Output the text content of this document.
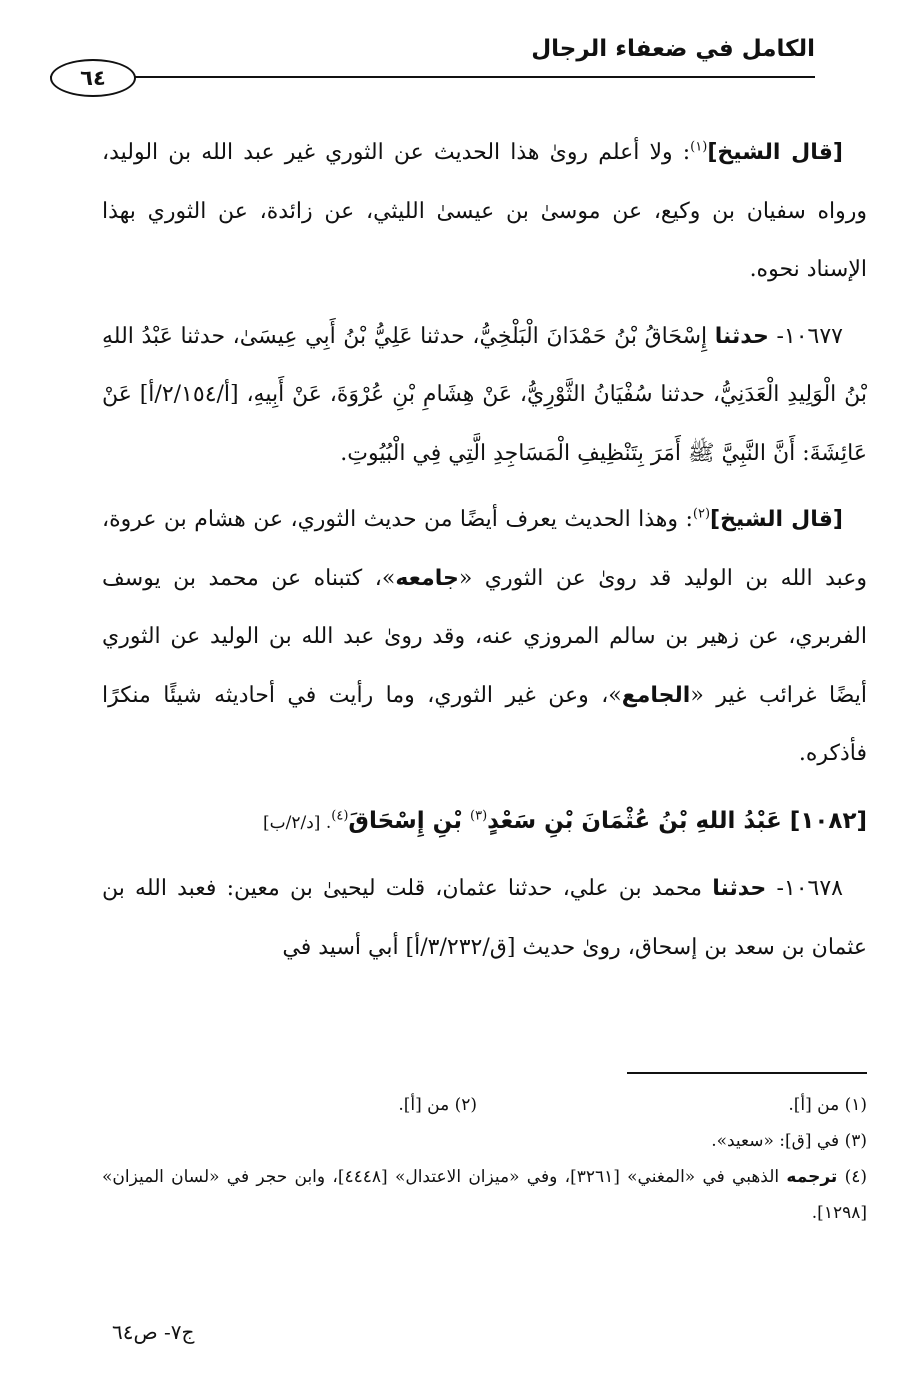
الكامل في ضعفاء الرجال
٦٤

[قال الشيخ]$^{(١)}$: ولا أعلم روىٰ هذا الحديث عن الثوري غير عبد الله بن الوليد، ورواه سفيان بن وكيع، عن موسىٰ بن عيسىٰ الليثي، عن زائدة، عن الثوري بهذا الإسناد نحوه.

١٠٦٧٧- حدثنا إِسْحَاقُ بْنُ حَمْدَانَ الْبَلْخِيُّ، حدثنا عَلِيُّ بْنُ أَبِي عِيسَىٰ، حدثنا عَبْدُ اللهِ بْنُ الْوَلِيدِ الْعَدَنِيُّ، حدثنا سُفْيَانُ الثَّوْرِيُّ، عَنْ هِشَامِ بْنِ عُرْوَةَ، عَنْ أَبِيهِ، [أ/٢/١٥٤/أ] عَنْ عَائِشَةَ: أَنَّ النَّبِيَّ ﷺ أَمَرَ بِتَنْظِيفِ الْمَسَاجِدِ الَّتِي فِي الْبُيُوتِ.

[قال الشيخ]$^{(٢)}$: وهذا الحديث يعرف أيضًا من حديث الثوري، عن هشام بن عروة، وعبد الله بن الوليد قد روىٰ عن الثوري «جامعه»، كتبناه عن محمد بن يوسف الفربري، عن زهير بن سالم المروزي عنه، وقد روىٰ عبد الله بن الوليد عن الثوري أيضًا غرائب غير «الجامع»، وعن غير الثوري، وما رأيت في أحاديثه شيئًا منكرًا فأذكره.

[١٠٨٢] عَبْدُ اللهِ بْنُ عُثْمَانَ بْنِ سَعْدٍ$^{(٣)}$ بْنِ إِسْحَاقَ$^{(٤)}$. [د/٢/ب]

١٠٦٧٨- حدثنا محمد بن علي، حدثنا عثمان، قلت ليحيىٰ بن معين: فعبد الله بن عثمان بن سعد بن إسحاق، روىٰ حديث [ق/٣/٢٣٢/أ] أبي أسيد في

(١) من [أ].
(٢) من [أ].
(٣) في [ق]: «سعيد».
(٤) ترجمه الذهبي في «المغني» [٣٢٦١]، وفي «ميزان الاعتدال» [٤٤٤٨]، وابن حجر في «لسان الميزان» [١٢٩٨].
ج٧- ص٦٤
